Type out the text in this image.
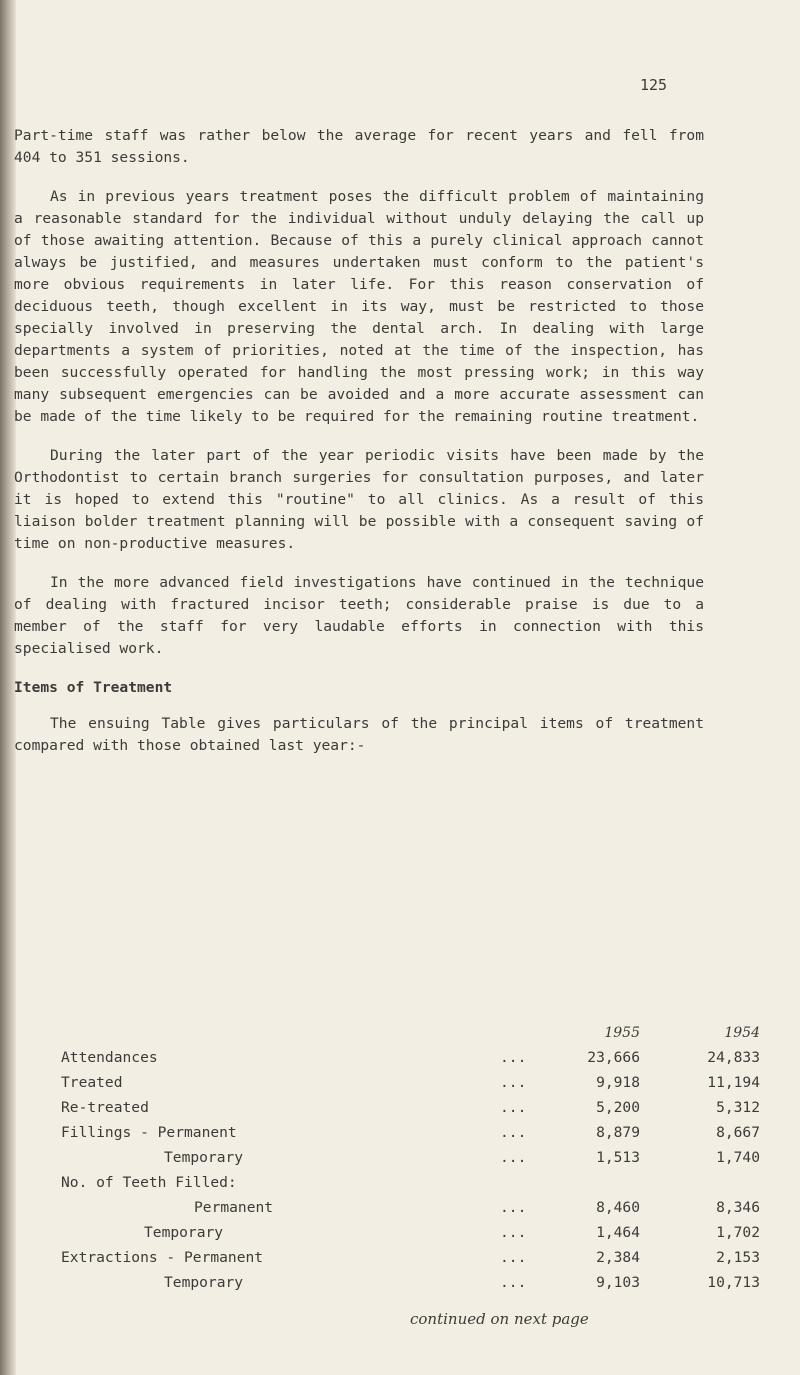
125

Part-time staff was rather below the average for recent years and fell from 404 to 351 sessions.

As in previous years treatment poses the difficult problem of maintaining a reasonable standard for the individual without unduly delaying the call up of those awaiting attention. Because of this a purely clinical approach cannot always be justified, and measures undertaken must conform to the patient's more obvious requirements in later life. For this reason conservation of deciduous teeth, though excellent in its way, must be restricted to those specially involved in preserving the dental arch. In dealing with large departments a system of priorities, noted at the time of the inspection, has been successfully operated for handling the most pressing work; in this way many subsequent emergencies can be avoided and a more accurate assessment can be made of the time likely to be required for the remaining routine treatment.

During the later part of the year periodic visits have been made by the Orthodontist to certain branch surgeries for consultation purposes, and later it is hoped to extend this "routine" to all clinics. As a result of this liaison bolder treatment planning will be possible with a consequent saving of time on non-productive measures.

In the more advanced field investigations have continued in the technique of dealing with fractured incisor teeth; considerable praise is due to a member of the staff for very laudable efforts in connection with this specialised work.

Items of Treatment

The ensuing Table gives particulars of the principal items of treatment compared with those obtained last year:-

		1955	1954
Attendances	...	23,666	24,833
Treated	...	9,918	11,194
Re-treated	...	5,200	5,312
Fillings - Permanent	...	8,879	8,667
Temporary	...	1,513	1,740
No. of Teeth Filled:			
Permanent	...	8,460	8,346
Temporary	...	1,464	1,702
Extractions - Permanent	...	2,384	2,153
Temporary	...	9,103	10,713
continued on next page
